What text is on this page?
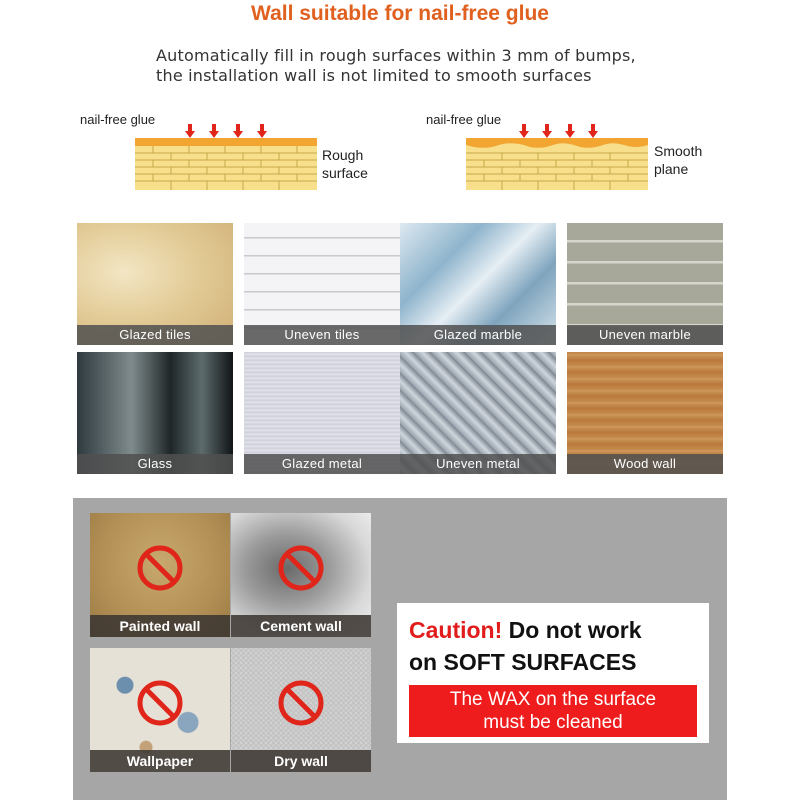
Wall suitable for nail-free glue
Automatically fill in rough surfaces within 3 mm of bumps,
the installation wall is not limited to smooth surfaces
nail-free glue
Rough
surface
nail-free glue
Smooth
plane
Glazed tiles	Uneven tiles	Glazed marble	Uneven marble
Glass	Glazed metal	Uneven metal	Wood wall
Painted wall	Cement wall
Wallpaper	Dry wall
Caution! Do not work
on SOFT SURFACES
The WAX on the surface
must be cleaned
